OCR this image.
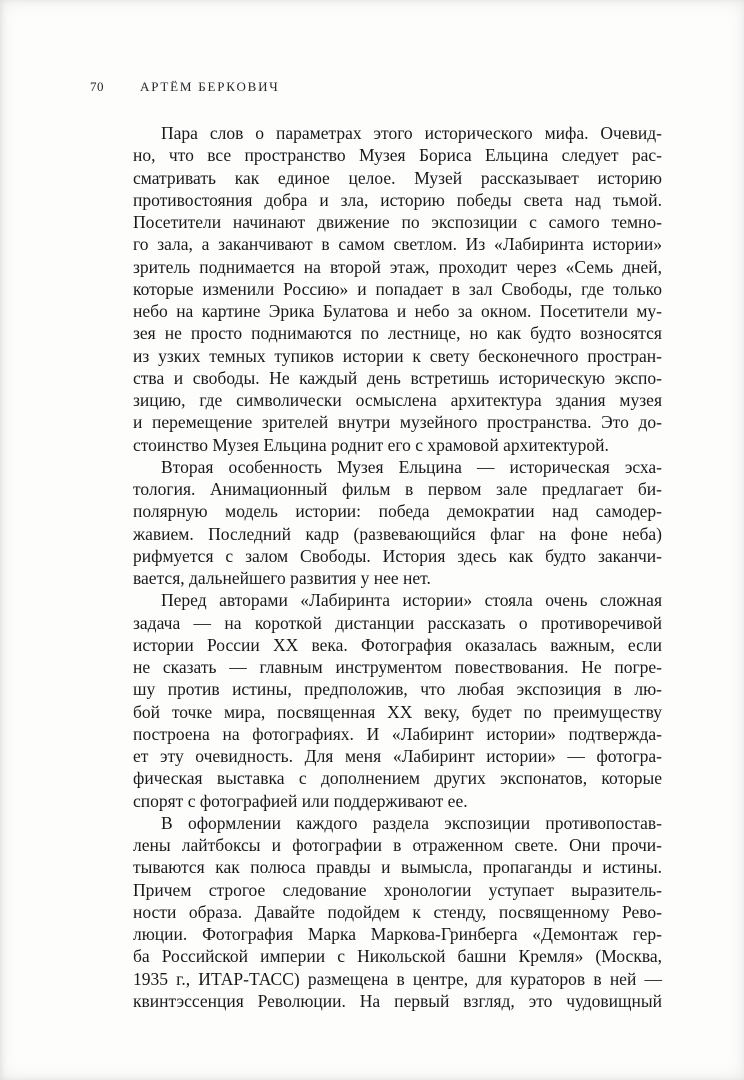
70	АРТЁМ БЕРКОВИЧ
Пара слов о параметрах этого исторического мифа. Очевид-
но, что все пространство Музея Бориса Ельцина следует рас-
сматривать как единое целое. Музей рассказывает историю
противостояния добра и зла, историю победы света над тьмой.
Посетители начинают движение по экспозиции с самого темно-
го зала, а заканчивают в самом светлом. Из «Лабиринта истории»
зритель поднимается на второй этаж, проходит через «Семь дней,
которые изменили Россию» и попадает в зал Свободы, где только
небо на картине Эрика Булатова и небо за окном. Посетители му-
зея не просто поднимаются по лестнице, но как будто возносятся
из узких темных тупиков истории к свету бесконечного простран-
ства и свободы. Не каждый день встретишь историческую экспо-
зицию, где символически осмыслена архитектура здания музея
и перемещение зрителей внутри музейного пространства. Это до-
стоинство Музея Ельцина роднит его с храмовой архитектурой.
Вторая особенность Музея Ельцина — историческая эсха-
тология. Анимационный фильм в первом зале предлагает би-
полярную модель истории: победа демократии над самодер-
жавием. Последний кадр (развевающийся флаг на фоне неба)
рифмуется с залом Свободы. История здесь как будто заканчи-
вается, дальнейшего развития у нее нет.
Перед авторами «Лабиринта истории» стояла очень сложная
задача — на короткой дистанции рассказать о противоречивой
истории России XX века. Фотография оказалась важным, если
не сказать — главным инструментом повествования. Не погре-
шу против истины, предположив, что любая экспозиция в лю-
бой точке мира, посвященная XX веку, будет по преимуществу
построена на фотографиях. И «Лабиринт истории» подтвержда-
ет эту очевидность. Для меня «Лабиринт истории» — фотогра-
фическая выставка с дополнением других экспонатов, которые
спорят с фотографией или поддерживают ее.
В оформлении каждого раздела экспозиции противопостав-
лены лайтбоксы и фотографии в отраженном свете. Они прочи-
тываются как полюса правды и вымысла, пропаганды и истины.
Причем строгое следование хронологии уступает выразитель-
ности образа. Давайте подойдем к стенду, посвященному Рево-
люции. Фотография Марка Маркова-Гринберга «Демонтаж гер-
ба Российской империи с Никольской башни Кремля» (Москва,
1935 г., ИТАР-ТАСС) размещена в центре, для кураторов в ней —
квинтэссенция Революции. На первый взгляд, это чудовищный
